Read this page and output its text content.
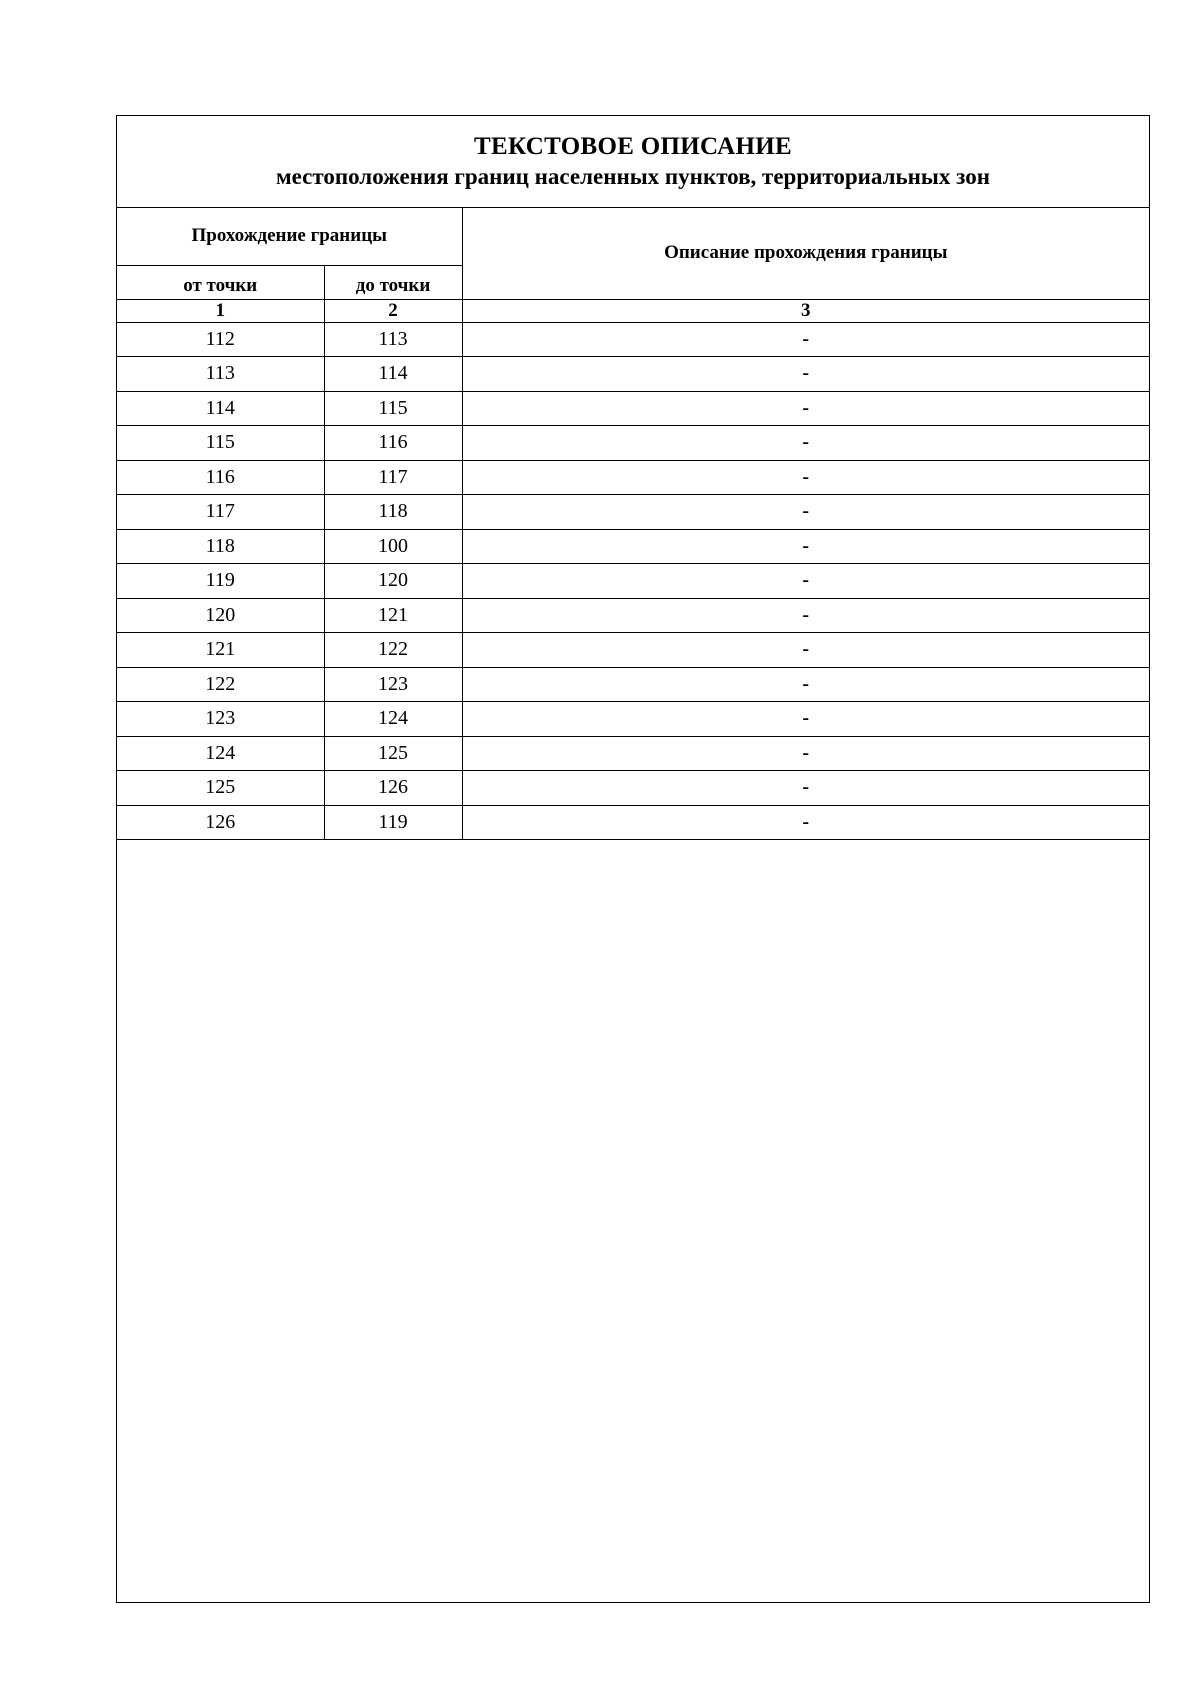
ТЕКСТОВОЕ ОПИСАНИЕ
местоположения границ населенных пунктов, территориальных зон
Прохождение границы		Описание прохождения границы
от точки	до точки	
1	2	3
112	113	-
113	114	-
114	115	-
115	116	-
116	117	-
117	118	-
118	100	-
119	120	-
120	121	-
121	122	-
122	123	-
123	124	-
124	125	-
125	126	-
126	119	-
